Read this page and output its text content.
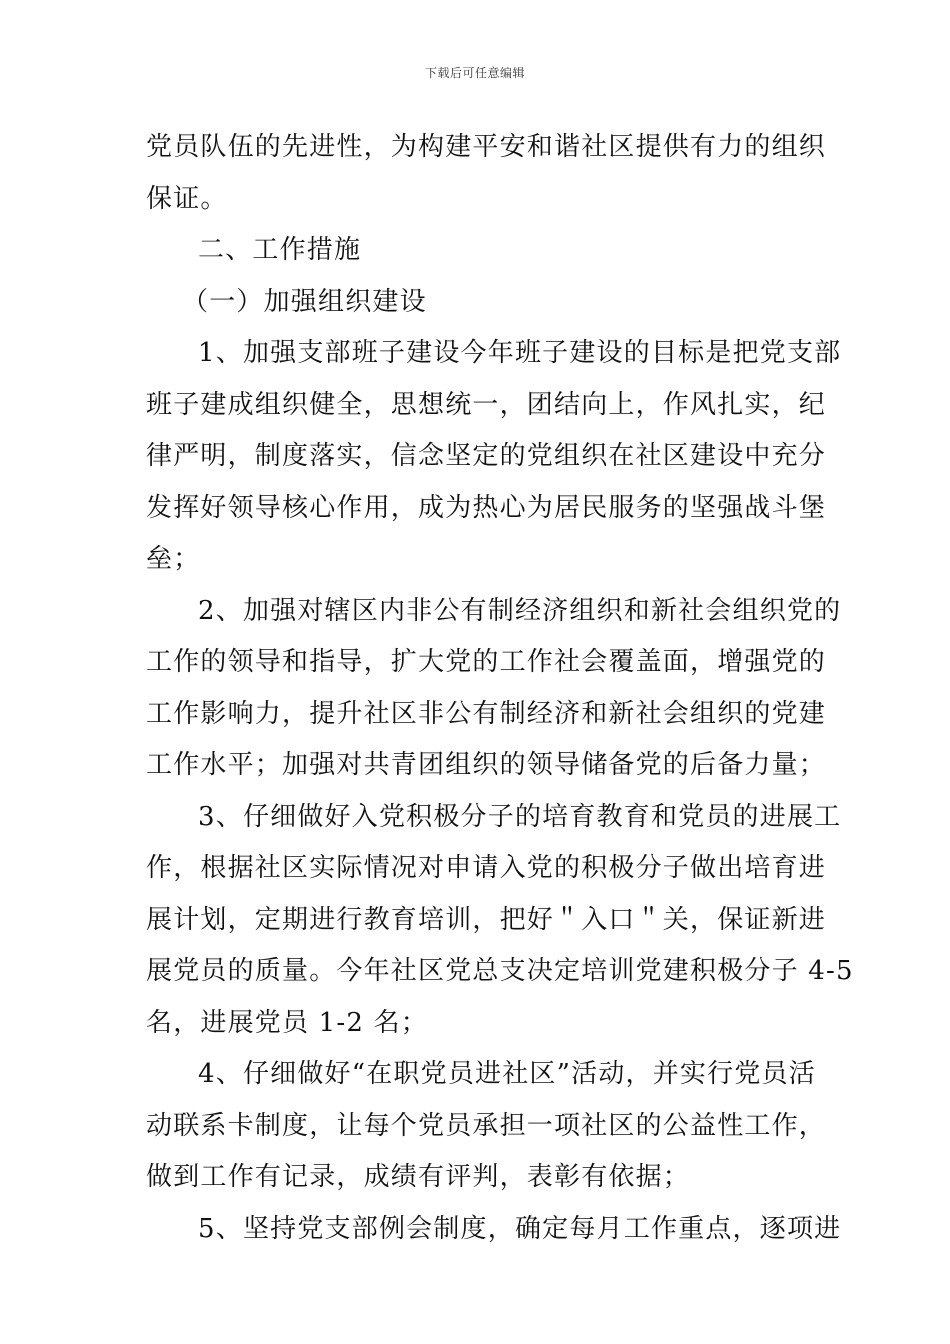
下载后可任意编辑
党员队伍的先进性，为构建平安和谐社区提供有力的组织
保证。
二、工作措施
（一）加强组织建设
1、加强支部班子建设今年班子建设的目标是把党支部
班子建成组织健全，思想统一，团结向上，作风扎实，纪
律严明，制度落实，信念坚定的党组织在社区建设中充分
发挥好领导核心作用，成为热心为居民服务的坚强战斗堡
垒；
2、加强对辖区内非公有制经济组织和新社会组织党的
工作的领导和指导，扩大党的工作社会覆盖面，增强党的
工作影响力，提升社区非公有制经济和新社会组织的党建
工作水平；加强对共青团组织的领导储备党的后备力量；
3、仔细做好入党积极分子的培育教育和党员的进展工
作，根据社区实际情况对申请入党的积极分子做出培育进
展计划，定期进行教育培训，把好＂入口＂关，保证新进
展党员的质量。今年社区党总支决定培训党建积极分子 4-5
名，进展党员 1-2 名；
4、仔细做好“在职党员进社区”活动，并实行党员活
动联系卡制度，让每个党员承担一项社区的公益性工作，
做到工作有记录，成绩有评判，表彰有依据；
5、坚持党支部例会制度，确定每月工作重点，逐项进
